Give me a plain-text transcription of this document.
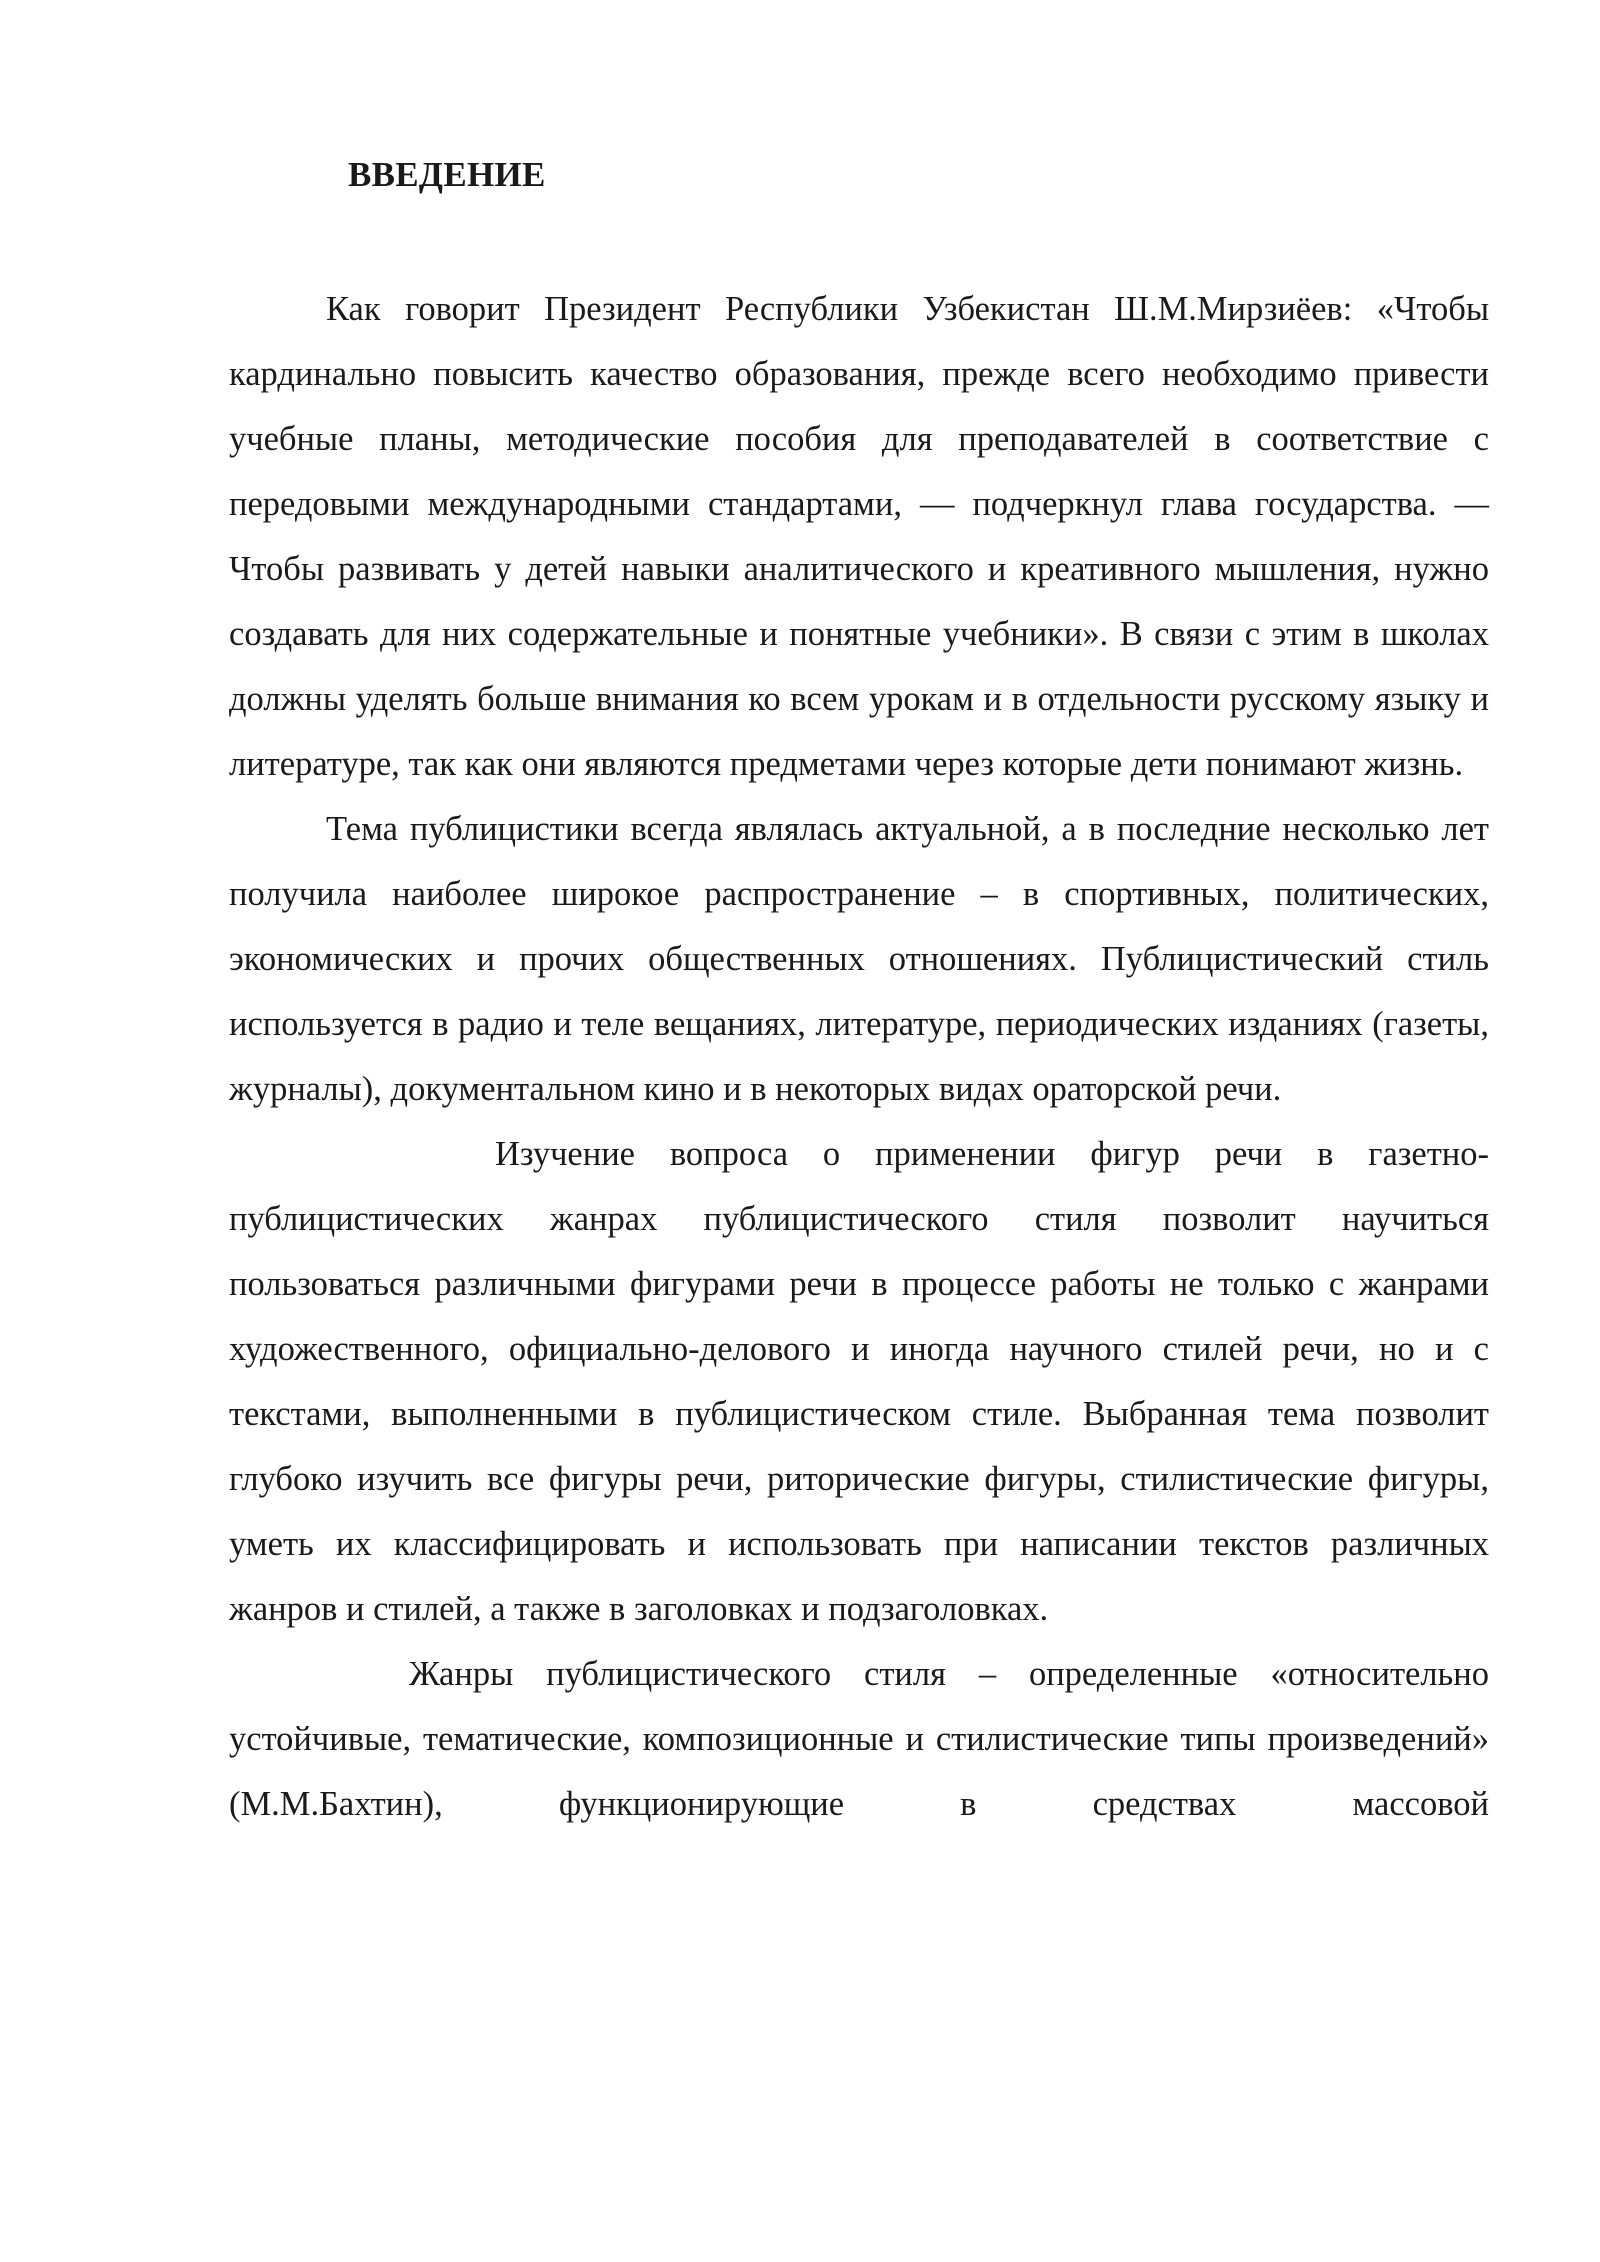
ВВЕДЕНИЕ

Как говорит Президент Республики Узбекистан Ш.М.Мирзиёев: «Чтобы кардинально повысить качество образования, прежде всего необходимо привести учебные планы, методические пособия для преподавателей в соответствие с передовыми международными стандартами, — подчеркнул глава государства. — Чтобы развивать у детей навыки аналитического и креативного мышления, нужно создавать для них содержательные и понятные учебники». В связи с этим в школах должны уделять больше внимания ко всем урокам и в отдельности русскому языку и литературе, так как они являются предметами через которые дети понимают жизнь.

Тема публицистики всегда являлась актуальной, а в последние несколько лет получила наиболее широкое распространение – в спортивных, политических, экономических и прочих общественных отношениях. Публицистический стиль используется в радио и теле вещаниях, литературе, периодических изданиях (газеты, журналы), документальном кино и в некоторых видах ораторской речи.

Изучение вопроса о применении фигур речи в газетно-публицистических жанрах публицистического стиля позволит научиться пользоваться различными фигурами речи в процессе работы не только с жанрами художественного, официально-делового и иногда научного стилей речи, но и с текстами, выполненными в публицистическом стиле. Выбранная тема позволит глубоко изучить все фигуры речи, риторические фигуры, стилистические фигуры, уметь их классифицировать и использовать при написании текстов различных жанров и стилей, а также в заголовках и подзаголовках.

Жанры публицистического стиля – определенные «относительно устойчивые, тематические, композиционные и стилистические типы произведений» (М.М.Бахтин), функционирующие в средствах массовой
